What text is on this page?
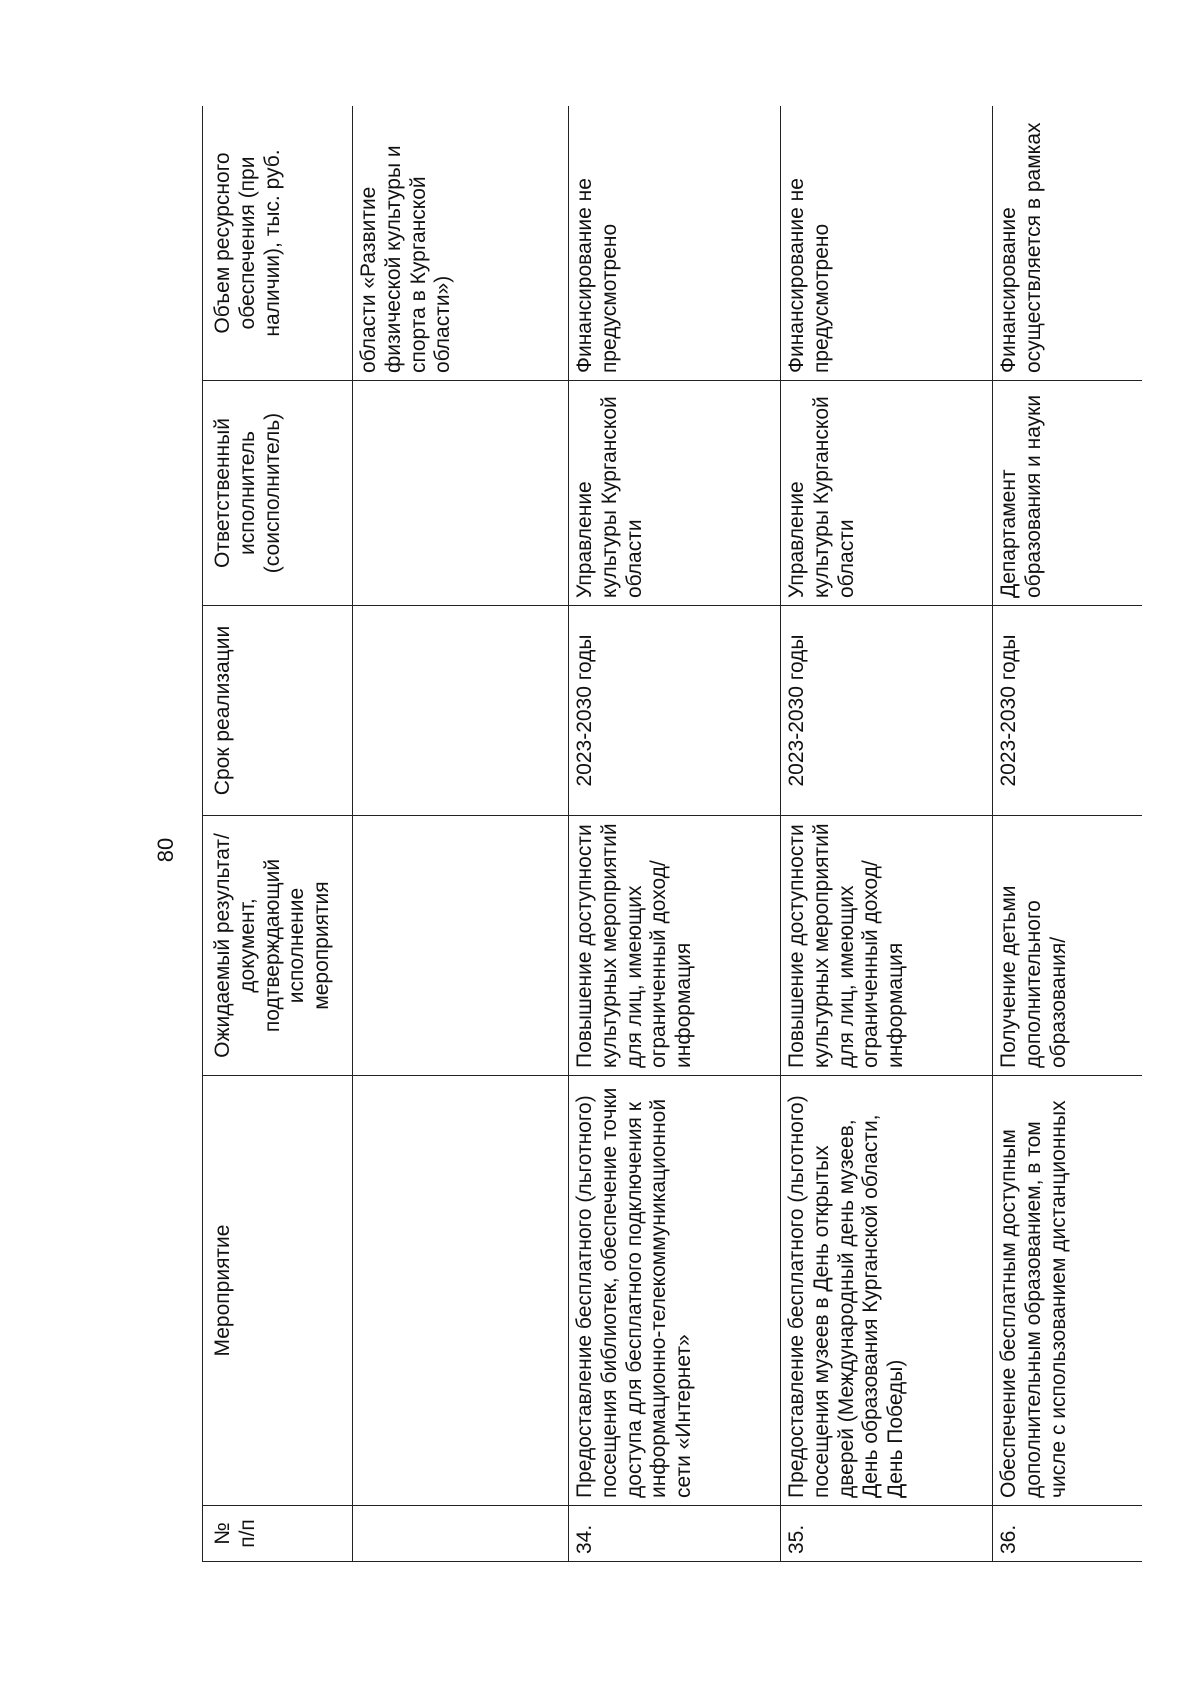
80
№ п/п	Мероприятие	Ожидаемый результат/документ, подтверждающий исполнение мероприятия	Срок реализации	Ответственный исполнитель (соисполнитель)	Объем ресурсного обеспечения (при наличии), тыс. руб.
					области «Развитие физической культуры и спорта в Курганской области»)
34.	Предоставление бесплатного (льготного) посещения библиотек, обеспечение точки доступа для бесплатного подключения к информационно-телекоммуникационной сети «Интернет»	Повышение доступности культурных мероприятий для лиц, имеющих ограниченный доход/ информация	2023-2030 годы	Управление культуры Курганской области	Финансирование не предусмотрено
35.	Предоставление бесплатного (льготного) посещения музеев в День открытых дверей (Международный день музеев, День образования Курганской области, День Победы)	Повышение доступности культурных мероприятий для лиц, имеющих ограниченный доход/ информация	2023-2030 годы	Управление культуры Курганской области	Финансирование не предусмотрено
36.	Обеспечение бесплатным доступным дополнительным образованием, в том числе с использованием дистанционных	Получение детьми дополнительного образования/	2023-2030 годы	Департамент образования и науки	Финансирование осуществляется в рамках
